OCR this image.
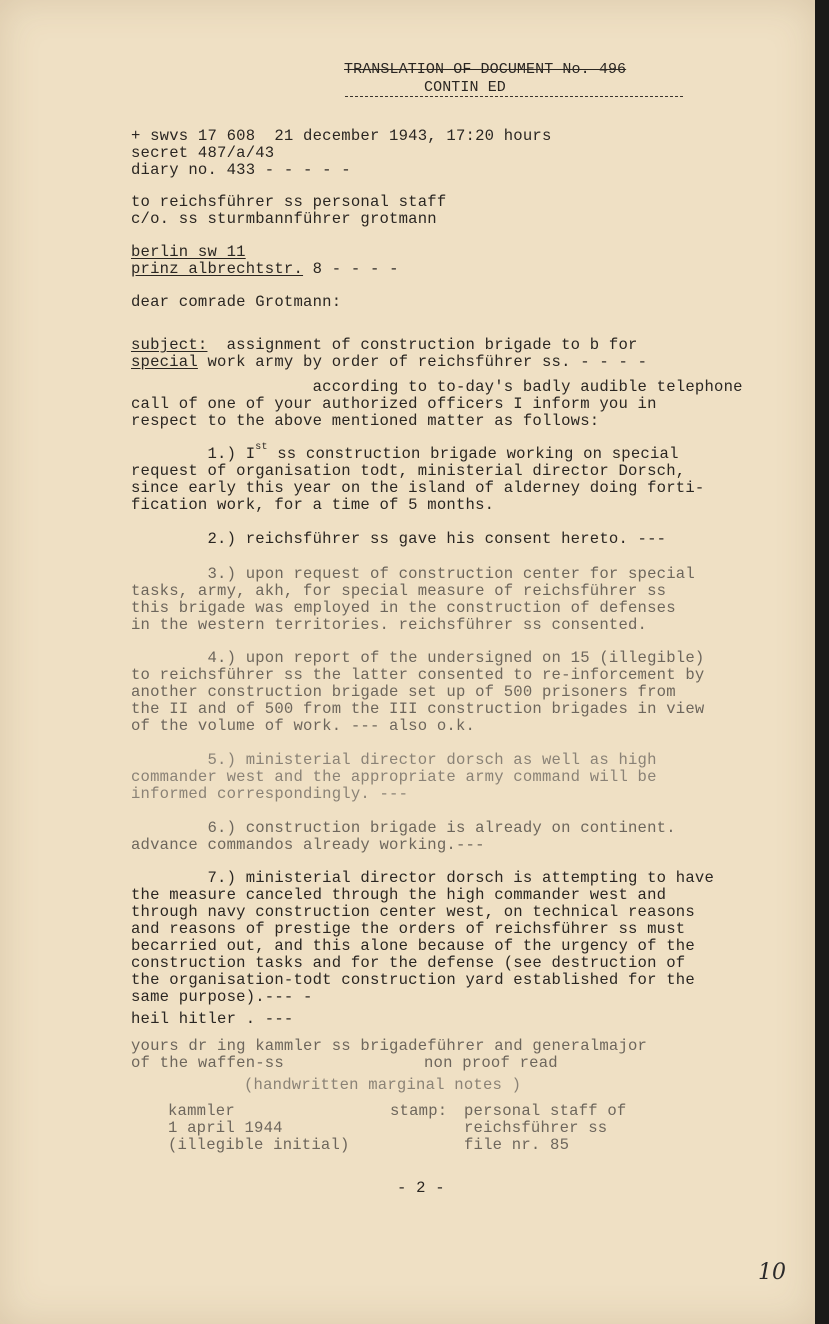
TRANSLATION OF DOCUMENT No. 496
CONTIN ED
+ swvs 17 608  21 december 1943, 17:20 hours
secret 487/a/43
diary no. 433 - - - - -
to reichsführer ss personal staff
c/o. ss sturmbannführer grotmann
berlin sw 11
prinz albrechtstr. 8 - - - -
dear comrade Grotmann:
subject:  assignment of construction brigade to b for
special work army by order of reichsführer ss. - - - -
according to to-day's badly audible telephone
call of one of your authorized officers I inform you in
respect to the above mentioned matter as follows:
1.) Ist ss construction brigade working on special
request of organisation todt, ministerial director Dorsch,
since early this year on the island of alderney doing forti-
fication work, for a time of 5 months.
2.) reichsführer ss gave his consent hereto. ---
3.) upon request of construction center for special
tasks, army, akh, for special measure of reichsführer ss
this brigade was employed in the construction of defenses
in the western territories. reichsführer ss consented.
4.) upon report of the undersigned on 15 (illegible)
to reichsführer ss the latter consented to re-inforcement by
another construction brigade set up of 500 prisoners from
the II and of 500 from the III construction brigades in view
of the volume of work. --- also o.k.
5.) ministerial director dorsch as well as high
commander west and the appropriate army command will be
informed correspondingly. ---
6.) construction brigade is already on continent.
advance commandos already working.---
7.) ministerial director dorsch is attempting to have
the measure canceled through the high commander west and
through navy construction center west, on technical reasons
and reasons of prestige the orders of reichsführer ss must
becarried out, and this alone because of the urgency of the
construction tasks and for the defense (see destruction of
the organisation-todt construction yard established for the
same purpose).--- -
heil hitler . ---
yours dr ing kammler ss brigadeführer and generalmajor
of the waffen-ss	non proof read
(handwritten marginal notes )
kammler
1 april 1944
(illegible initial)
stamp: personal staff of
reichsführer ss
file nr. 85
- 2 -
10
